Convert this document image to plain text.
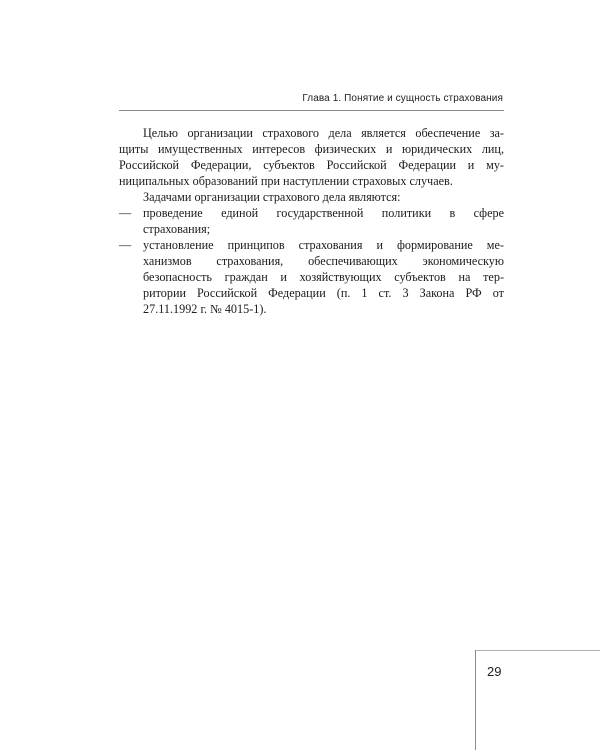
Глава 1. Понятие и сущность страхования
Целью организации страхового дела является обеспечение за-
щиты имущественных интересов физических и юридических лиц,
Российской Федерации, субъектов Российской Федерации и му-
ниципальных образований при наступлении страховых случаев.
Задачами организации страхового дела являются:
— проведение единой государственной политики в сфере
страхования;
— установление принципов страхования и формирование ме-
ханизмов страхования, обеспечивающих экономическую
безопасность граждан и хозяйствующих субъектов на тер-
ритории Российской Федерации (п. 1 ст. 3 Закона РФ от
27.11.1992 г. № 4015-1).
29
